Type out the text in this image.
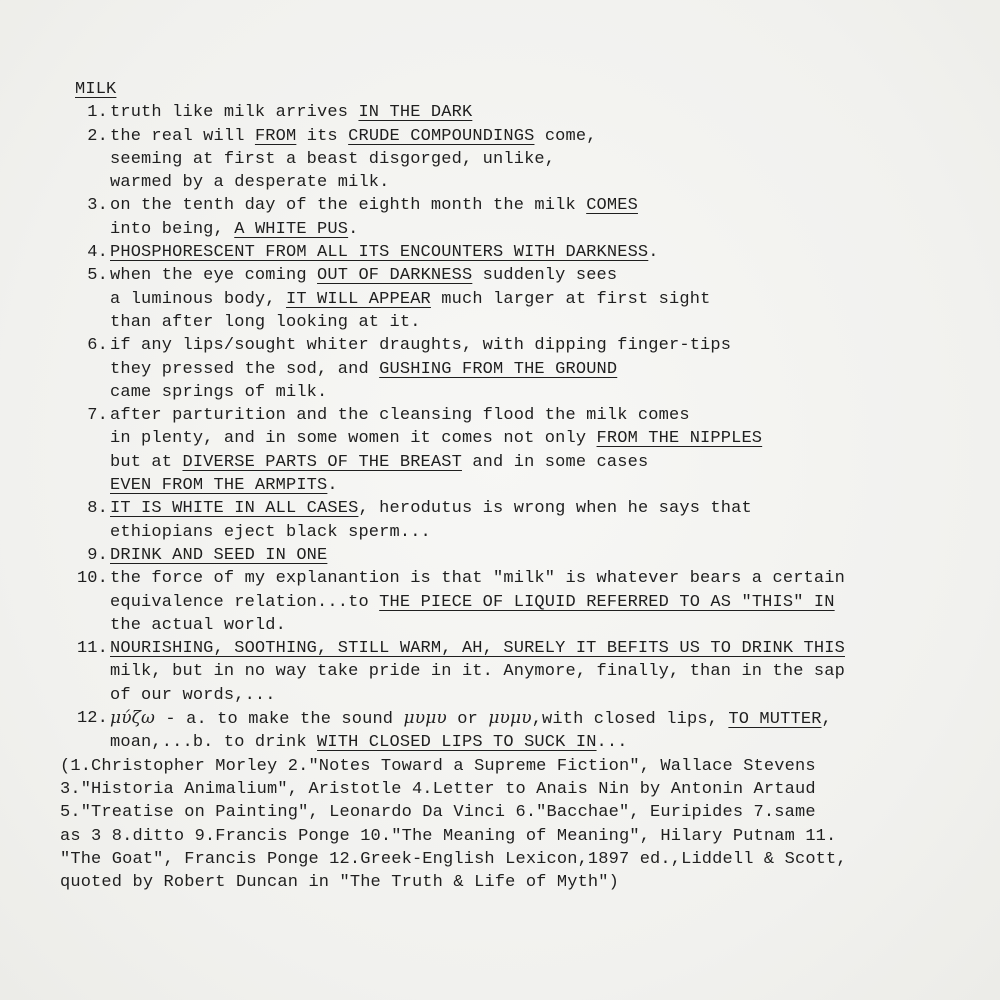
MILK
1. truth like milk arrives IN THE DARK
2. the real will FROM its CRUDE COMPOUNDINGS come,
seeming at first a beast disgorged, unlike,
warmed by a desperate milk.
3. on the tenth day of the eighth month the milk COMES
into being, A WHITE PUS.
4. PHOSPHORESCENT FROM ALL ITS ENCOUNTERS WITH DARKNESS.
5. when the eye coming OUT OF DARKNESS suddenly sees
a luminous body, IT WILL APPEAR much larger at first sight
than after long looking at it.
6. if any lips/sought whiter draughts, with dipping finger-tips
they pressed the sod, and GUSHING FROM THE GROUND
came springs of milk.
7. after parturition and the cleansing flood the milk comes
in plenty, and in some women it comes not only FROM THE NIPPLES
but at DIVERSE PARTS OF THE BREAST and in some cases
EVEN FROM THE ARMPITS.
8. IT IS WHITE IN ALL CASES, herodutus is wrong when he says that
ethiopians eject black sperm...
9. DRINK AND SEED IN ONE
10. the force of my explanantion is that "milk" is whatever bears a certain
equivalence relation...to THE PIECE OF LIQUID REFERRED TO AS "THIS" IN
the actual world.
11. NOURISHING, SOOTHING, STILL WARM, AH, SURELY IT BEFITS US TO DRINK THIS
milk, but in no way take pride in it. Anymore, finally, than in the sap
of our words,...
12. μύζω - a. to make the sound μυμυ or μυμυ,with closed lips, TO MUTTER,
moan,...b. to drink WITH CLOSED LIPS TO SUCK IN...
(1.Christopher Morley 2."Notes Toward a Supreme Fiction", Wallace Stevens
3."Historia Animalium", Aristotle 4.Letter to Anais Nin by Antonin Artaud
5."Treatise on Painting", Leonardo Da Vinci 6."Bacchae", Euripides 7.same
as 3 8.ditto 9.Francis Ponge 10."The Meaning of Meaning", Hilary Putnam 11.
"The Goat", Francis Ponge 12.Greek-English Lexicon,1897 ed.,Liddell & Scott,
quoted by Robert Duncan in "The Truth & Life of Myth")
